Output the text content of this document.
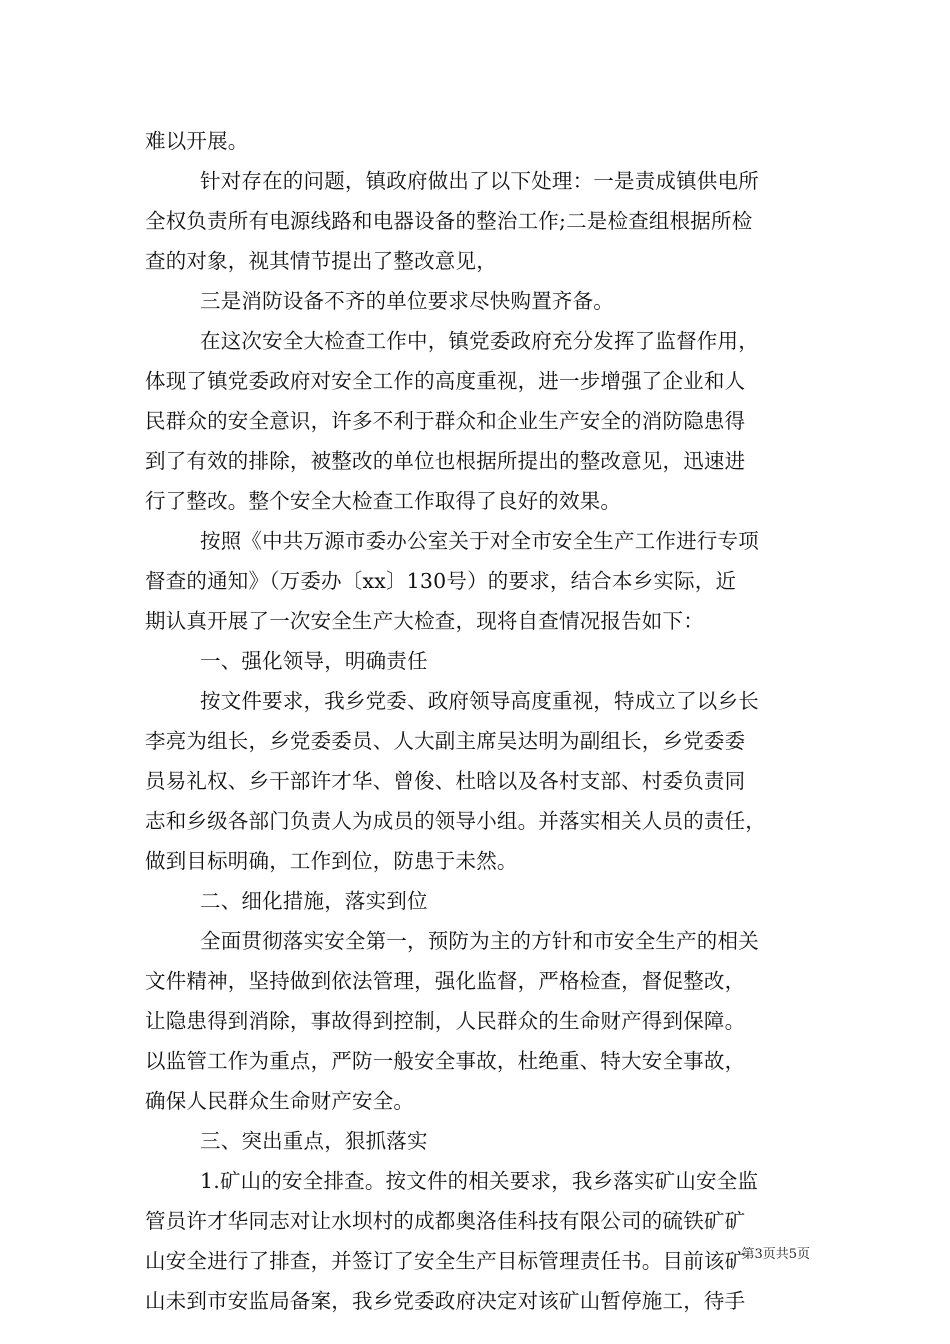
难以开展。
针对存在的问题，镇政府做出了以下处理：一是责成镇供电所
全权负责所有电源线路和电器设备的整治工作;二是检查组根据所检
查的对象，视其情节提出了整改意见，
三是消防设备不齐的单位要求尽快购置齐备。
在这次安全大检查工作中，镇党委政府充分发挥了监督作用，
体现了镇党委政府对安全工作的高度重视，进一步增强了企业和人
民群众的安全意识，许多不利于群众和企业生产安全的消防隐患得
到了有效的排除，被整改的单位也根据所提出的整改意见，迅速进
行了整改。整个安全大检查工作取得了良好的效果。
按照《中共万源市委办公室关于对全市安全生产工作进行专项
督查的通知》（万委办〔xx〕130号）的要求，结合本乡实际，近
期认真开展了一次安全生产大检查，现将自查情况报告如下：
一、强化领导，明确责任
按文件要求，我乡党委、政府领导高度重视，特成立了以乡长
李亮为组长，乡党委委员、人大副主席吴达明为副组长，乡党委委
员易礼权、乡干部许才华、曾俊、杜晗以及各村支部、村委负责同
志和乡级各部门负责人为成员的领导小组。并落实相关人员的责任，
做到目标明确，工作到位，防患于未然。
二、细化措施，落实到位
全面贯彻落实安全第一，预防为主的方针和市安全生产的相关
文件精神，坚持做到依法管理，强化监督，严格检查，督促整改，
让隐患得到消除，事故得到控制，人民群众的生命财产得到保障。
以监管工作为重点，严防一般安全事故，杜绝重、特大安全事故，
确保人民群众生命财产安全。
三、突出重点，狠抓落实
1.矿山的安全排查。按文件的相关要求，我乡落实矿山安全监
管员许才华同志对让水坝村的成都奥洛佳科技有限公司的硫铁矿矿
山安全进行了排查，并签订了安全生产目标管理责任书。目前该矿
山未到市安监局备案，我乡党委政府决定对该矿山暂停施工，待手
第3页共5页
